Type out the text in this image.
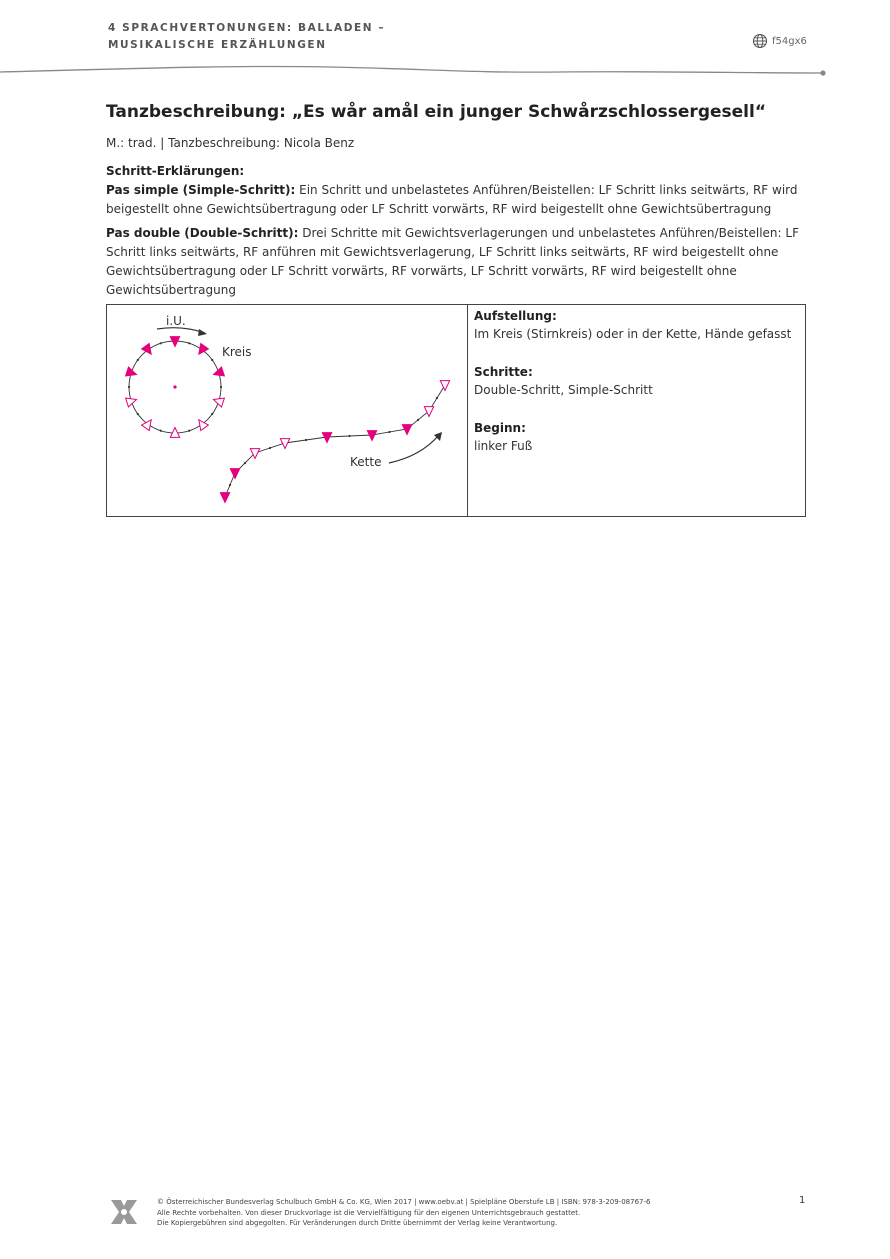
4 SPRACHVERTONUNGEN: BALLADEN –
MUSIKALISCHE ERZÄHLUNGEN	f54gx6
Tanzbeschreibung: „Es wår amål ein junger Schwårzschlossergesell“
M.: trad. | Tanzbeschreibung: Nicola Benz
Schritt-Erklärungen:
Pas simple (Simple-Schritt): Ein Schritt und unbelastetes Anführen/Beistellen: LF Schritt links seitwärts, RF wird beigestellt ohne Gewichtsübertragung oder LF Schritt vorwärts, RF wird beigestellt ohne Gewichtsübertragung
Pas double (Double-Schritt): Drei Schritte mit Gewichtsverlagerungen und unbelastetes Anführen/Beistellen: LF Schritt links seitwärts, RF anführen mit Gewichtsverlagerung, LF Schritt links seitwärts, RF wird beigestellt ohne Gewichtsübertragung oder LF Schritt vorwärts, RF vorwärts, LF Schritt vorwärts, RF wird beigestellt ohne Gewichtsübertragung
i.U.
Kreis
Kette
Aufstellung:
Im Kreis (Stirnkreis) oder in der Kette, Hände gefasst
Schritte:
Double-Schritt, Simple-Schritt
Beginn:
linker Fuß
© Österreichischer Bundesverlag Schulbuch GmbH & Co. KG, Wien 2017 | www.oebv.at | Spielpläne Oberstufe LB | ISBN: 978-3-209-08767-6
Alle Rechte vorbehalten. Von dieser Druckvorlage ist die Vervielfältigung für den eigenen Unterrichtsgebrauch gestattet.
Die Kopiergebühren sind abgegolten. Für Veränderungen durch Dritte übernimmt der Verlag keine Verantwortung.
1
